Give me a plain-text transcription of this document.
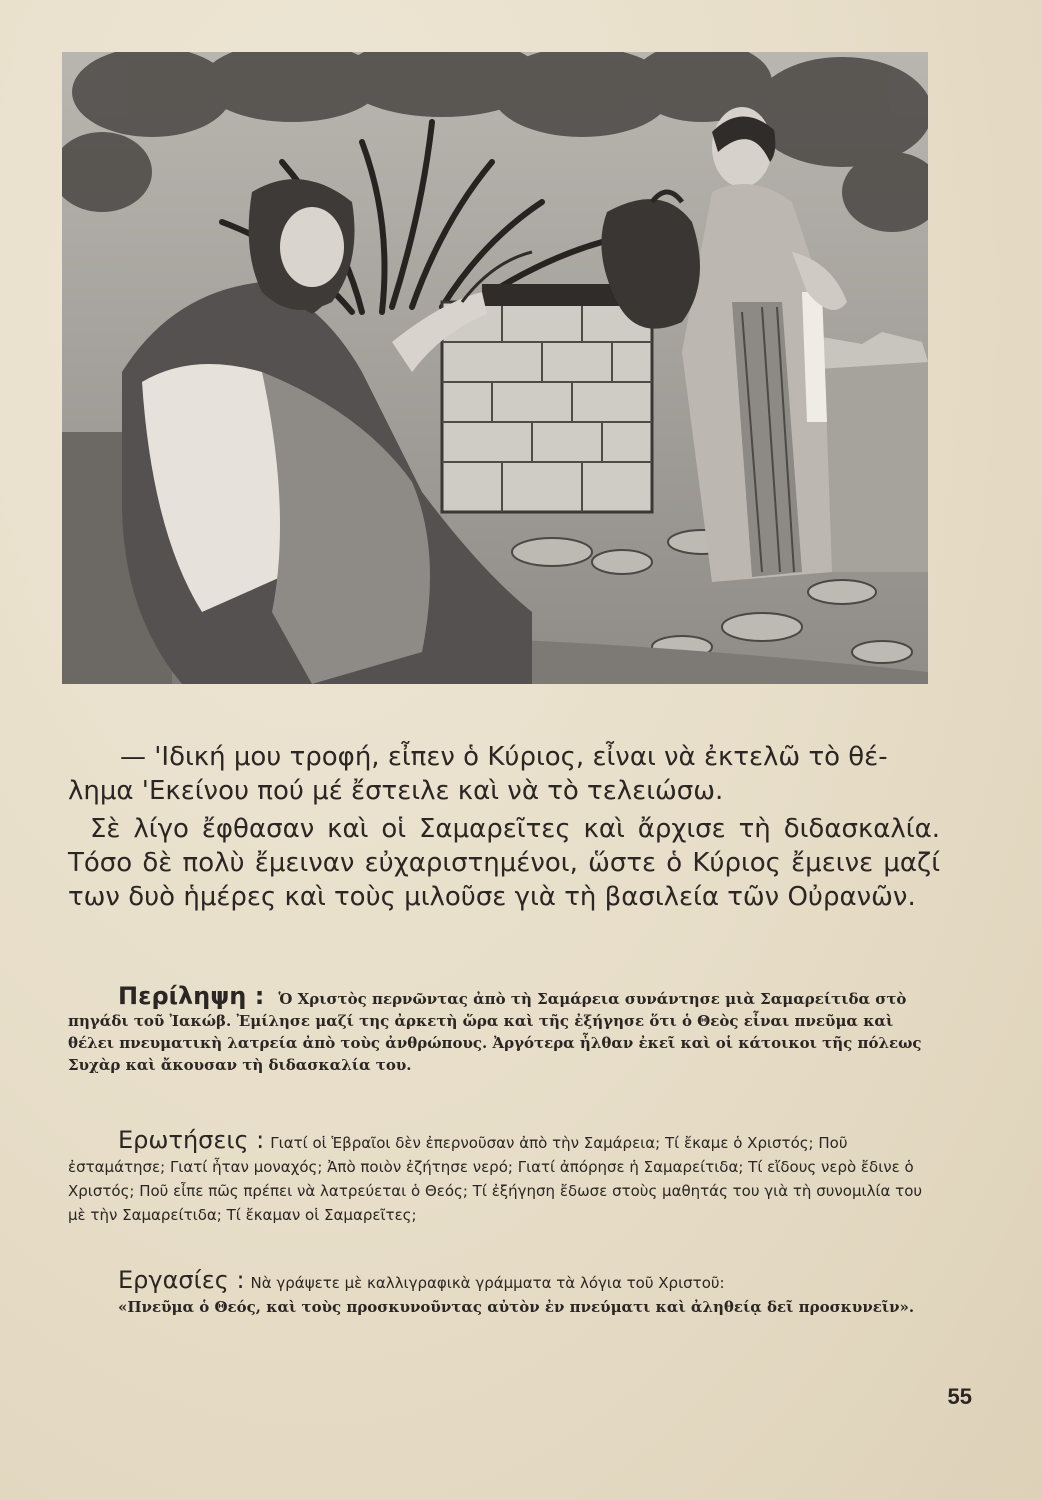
— 'Ιδική μου τροφή, εἶπεν ὁ Κύριος, εἶναι νὰ ἐκτελῶ τὸ θέ-
λημα 'Εκείνου πού μέ ἔστειλε καὶ νὰ τὸ τελειώσω.

Σὲ λίγο ἔφθασαν καὶ οἱ Σαμαρεῖτες καὶ ἄρχισε τὴ διδασκαλία. Τόσο δὲ πολὺ ἔμειναν εὐχαριστημένοι, ὥστε ὁ Κύριος ἔμεινε μαζί των δυὸ ἡμέρες καὶ τοὺς μιλοῦσε γιὰ τὴ βασιλεία τῶν Οὐρανῶν.

Περίληψη : Ὁ Χριστὸς περνῶντας ἀπὸ τὴ Σαμάρεια συνάντησε μιὰ Σαμαρείτιδα στὸ πηγάδι τοῦ Ἰακώβ. Ἐμίλησε μαζί της ἀρκετὴ ὥρα καὶ τῆς ἐξήγησε ὅτι ὁ Θεὸς εἶναι πνεῦμα καὶ θέλει πνευματικὴ λατρεία ἀπὸ τοὺς ἀνθρώπους. Ἀργότερα ἦλθαν ἐκεῖ καὶ οἱ κάτοικοι τῆς πόλεως Συχὰρ καὶ ἄκουσαν τὴ διδασκαλία του.
Ερωτήσεις : Γιατί οἱ Ἑβραῖοι δὲν ἐπερνοῦσαν ἀπὸ τὴν Σαμάρεια; Τί ἔκαμε ὁ Χριστός; Ποῦ ἐσταμάτησε; Γιατί ἦταν μοναχός; Ἀπὸ ποιὸν ἐζήτησε νερό; Γιατί ἀπόρησε ἡ Σαμαρείτιδα; Τί εἴδους νερὸ ἔδινε ὁ Χριστός; Ποῦ εἶπε πῶς πρέπει νὰ λατρεύεται ὁ Θεός; Τί ἐξήγηση ἔδωσε στοὺς μαθητάς του γιὰ τὴ συνομιλία του μὲ τὴν Σαμαρείτιδα; Τί ἔκαμαν οἱ Σαμαρεῖτες;
Εργασίες : Νὰ γράψετε μὲ καλλιγραφικὰ γράμματα τὰ λόγια τοῦ Χριστοῦ:
«Πνεῦμα ὁ Θεός, καὶ τοὺς προσκυνοῦντας αὐτὸν ἐν πνεύματι καὶ ἀληθείᾳ δεῖ προσκυνεῖν».
55
